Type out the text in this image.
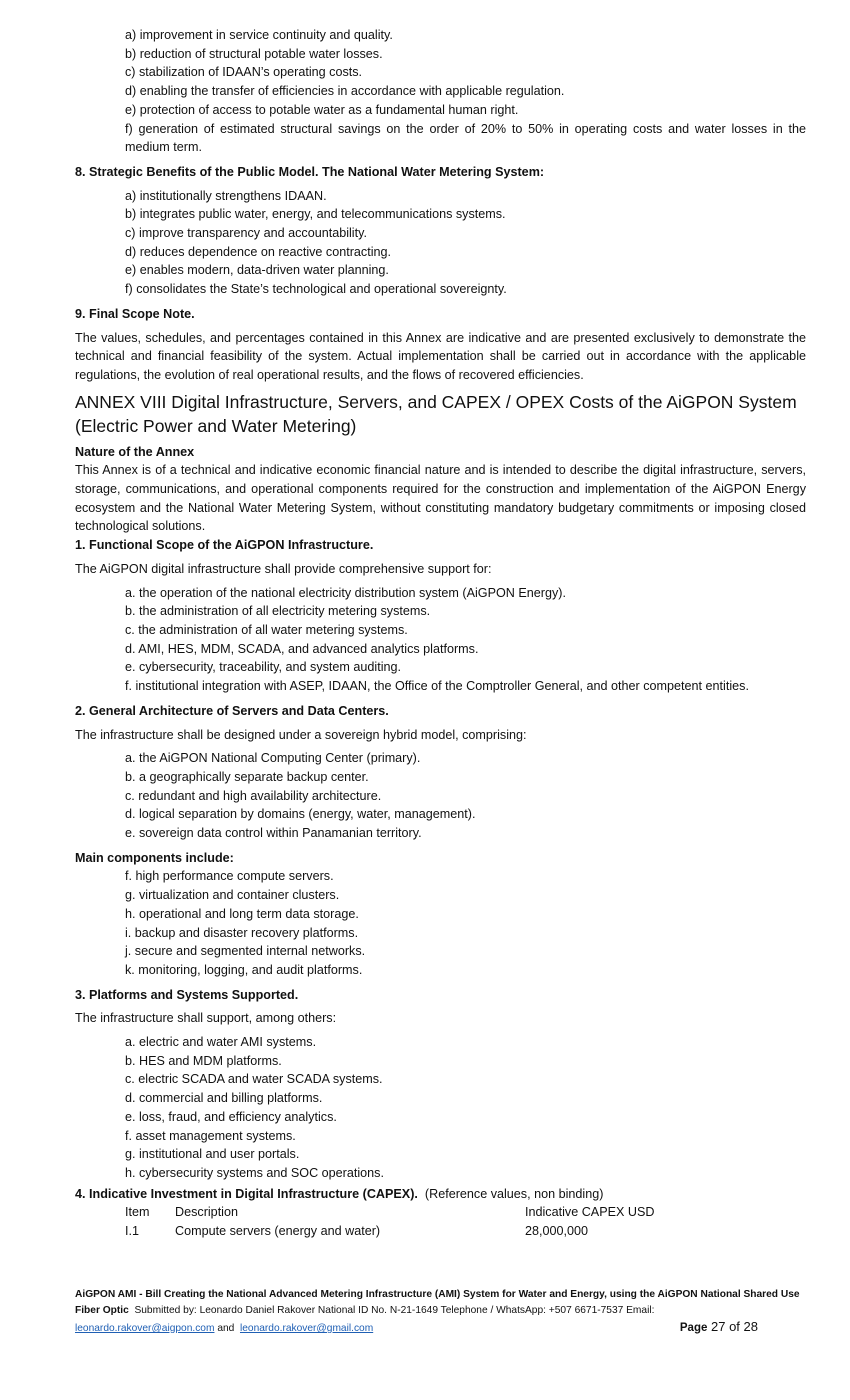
a) improvement in service continuity and quality.
b) reduction of structural potable water losses.
c) stabilization of IDAAN’s operating costs.
d) enabling the transfer of efficiencies in accordance with applicable regulation.
e) protection of access to potable water as a fundamental human right.
f) generation of estimated structural savings on the order of 20% to 50% in operating costs and water losses in the medium term.
8. Strategic Benefits of the Public Model. The National Water Metering System:
a) institutionally strengthens IDAAN.
b) integrates public water, energy, and telecommunications systems.
c) improve transparency and accountability.
d) reduces dependence on reactive contracting.
e) enables modern, data-driven water planning.
f) consolidates the State’s technological and operational sovereignty.
9. Final Scope Note.
The values, schedules, and percentages contained in this Annex are indicative and are presented exclusively to demonstrate the technical and financial feasibility of the system. Actual implementation shall be carried out in accordance with the applicable regulations, the evolution of real operational results, and the flows of recovered efficiencies.
ANNEX VIII Digital Infrastructure, Servers, and CAPEX / OPEX Costs of the AiGPON System (Electric Power and Water Metering)
Nature of the Annex
This Annex is of a technical and indicative economic financial nature and is intended to describe the digital infrastructure, servers, storage, communications, and operational components required for the construction and implementation of the AiGPON Energy ecosystem and the National Water Metering System, without constituting mandatory budgetary commitments or imposing closed technological solutions.
1. Functional Scope of the AiGPON Infrastructure.
The AiGPON digital infrastructure shall provide comprehensive support for:
a. the operation of the national electricity distribution system (AiGPON Energy).
b. the administration of all electricity metering systems.
c. the administration of all water metering systems.
d. AMI, HES, MDM, SCADA, and advanced analytics platforms.
e. cybersecurity, traceability, and system auditing.
f. institutional integration with ASEP, IDAAN, the Office of the Comptroller General, and other competent entities.
2. General Architecture of Servers and Data Centers.
The infrastructure shall be designed under a sovereign hybrid model, comprising:
a. the AiGPON National Computing Center (primary).
b. a geographically separate backup center.
c. redundant and high availability architecture.
d. logical separation by domains (energy, water, management).
e. sovereign data control within Panamanian territory.
Main components include:
f. high performance compute servers.
g. virtualization and container clusters.
h. operational and long term data storage.
i. backup and disaster recovery platforms.
j. secure and segmented internal networks.
k. monitoring, logging, and audit platforms.
3. Platforms and Systems Supported.
The infrastructure shall support, among others:
a. electric and water AMI systems.
b. HES and MDM platforms.
c. electric SCADA and water SCADA systems.
d. commercial and billing platforms.
e. loss, fraud, and efficiency analytics.
f. asset management systems.
g. institutional and user portals.
h. cybersecurity systems and SOC operations.
4. Indicative Investment in Digital Infrastructure (CAPEX). (Reference values, non binding)
Item	Description	Indicative CAPEX USD
I.1	Compute servers (energy and water)	28,000,000
AiGPON AMI - Bill Creating the National Advanced Metering Infrastructure (AMI) System for Water and Energy, using the AiGPON National Shared Use Fiber Optic Submitted by: Leonardo Daniel Rakover National ID No. N-21-1649 Telephone / WhatsApp: +507 6671-7537 Email:
leonardo.rakover@aigpon.com and leonardo.rakover@gmail.com	Page 27 of 28
